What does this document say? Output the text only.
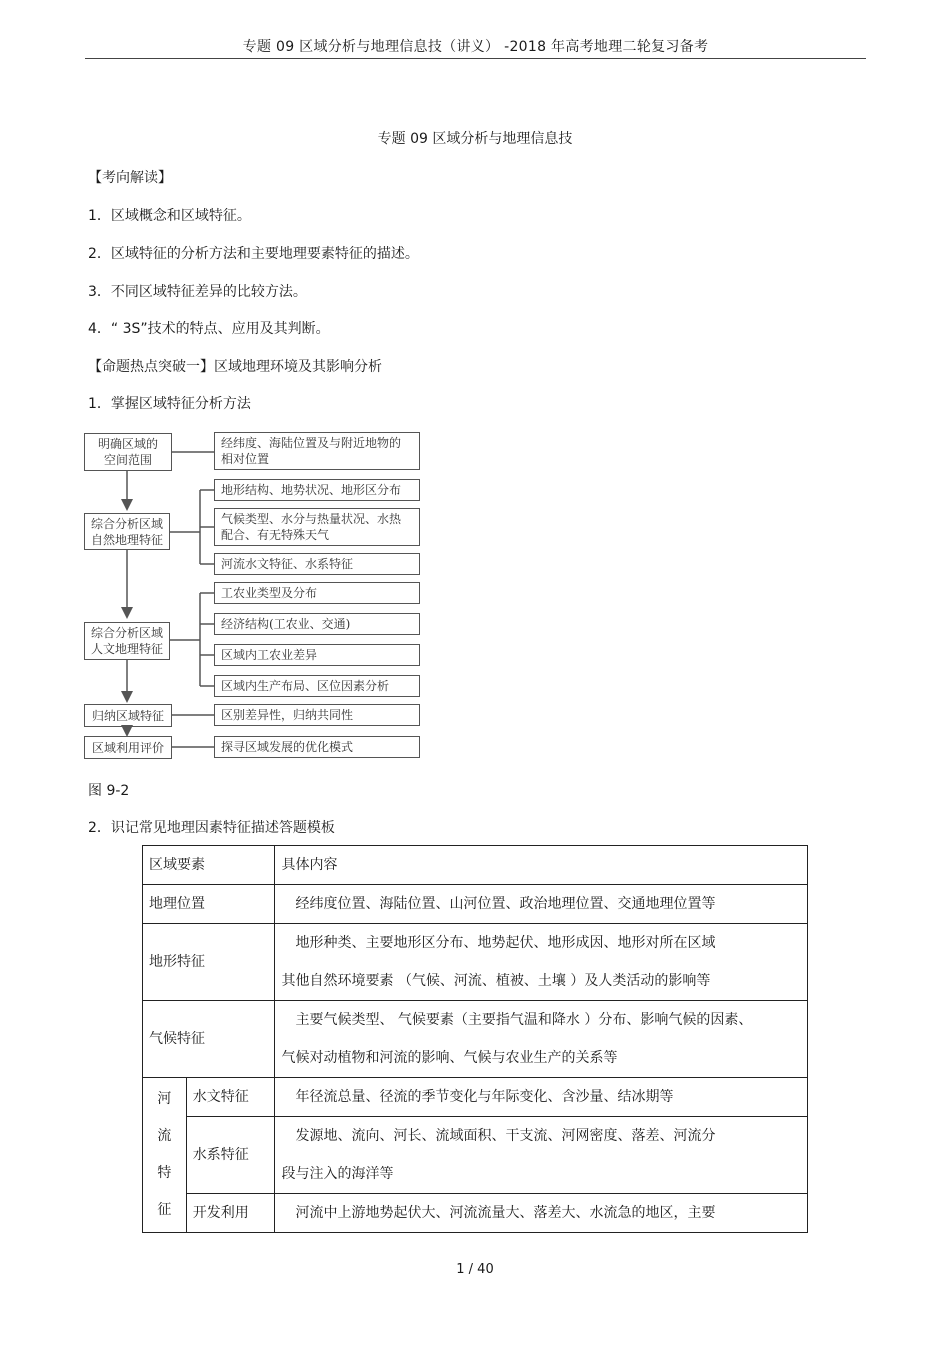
专题 09 区域分析与地理信息技（讲义） -2018 年高考地理二轮复习备考
专题 09 区域分析与地理信息技
【考向解读】
1．区域概念和区域特征。
2．区域特征的分析方法和主要地理要素特征的描述。
3．不同区域特征差异的比较方法。
4．“ 3S”技术的特点、应用及其判断。
【命题热点突破一】区域地理环境及其影响分析
1．掌握区域特征分析方法
明确区域的
空间范围
综合分析区域
自然地理特征
综合分析区域
人文地理特征
归纳区域特征
区域利用评价
经纬度、海陆位置及与附近地物的
相对位置
地形结构、地势状况、地形区分布
气候类型、水分与热量状况、水热
配合、有无特殊天气
河流水文特征、水系特征
工农业类型及分布
经济结构(工农业、交通)
区域内工农业差异
区域内生产布局、区位因素分析
区别差异性，归纳共同性
探寻区域发展的优化模式
图 9-2
2．识记常见地理因素特征描述答题模板
区域要素		具体内容

地理位置		经纬度位置、海陆位置、山河位置、政治地理位置、交通地理位置等

地形特征		地形种类、主要地形区分布、地势起伏、地形成因、地形对所在区域
其他自然环境要素 （气候、河流、植被、土壤 ）及人类活动的影响等

气候特征		主要气候类型、 气候要素（主要指气温和降水 ）分布、影响气候的因素、
气候对动植物和河流的影响、气候与农业生产的关系等

河
流
特
征	水文特征	年径流总量、径流的季节变化与年际变化、含沙量、结冰期等

	水系特征	发源地、流向、河长、流域面积、干支流、河网密度、落差、河流分
段与注入的海洋等

	开发利用	河流中上游地势起伏大、河流流量大、落差大、水流急的地区，主要
1 / 40
